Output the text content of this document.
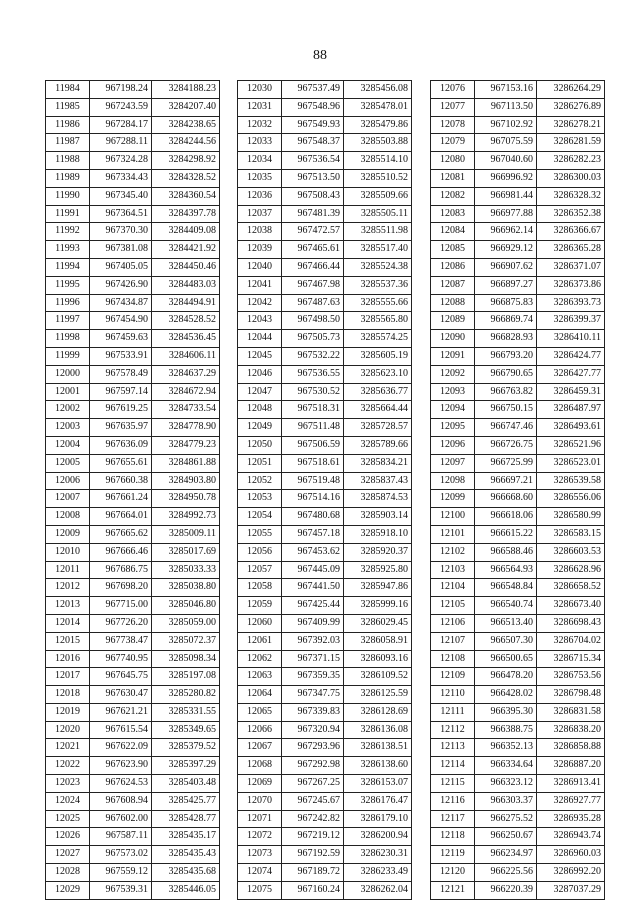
88
11984	967198.24	3284188.23
11985	967243.59	3284207.40
11986	967284.17	3284238.65
11987	967288.11	3284244.56
11988	967324.28	3284298.92
11989	967334.43	3284328.52
11990	967345.40	3284360.54
11991	967364.51	3284397.78
11992	967370.30	3284409.08
11993	967381.08	3284421.92
11994	967405.05	3284450.46
11995	967426.90	3284483.03
11996	967434.87	3284494.91
11997	967454.90	3284528.52
11998	967459.63	3284536.45
11999	967533.91	3284606.11
12000	967578.49	3284637.29
12001	967597.14	3284672.94
12002	967619.25	3284733.54
12003	967635.97	3284778.90
12004	967636.09	3284779.23
12005	967655.61	3284861.88
12006	967660.38	3284903.80
12007	967661.24	3284950.78
12008	967664.01	3284992.73
12009	967665.62	3285009.11
12010	967666.46	3285017.69
12011	967686.75	3285033.33
12012	967698.20	3285038.80
12013	967715.00	3285046.80
12014	967726.20	3285059.00
12015	967738.47	3285072.37
12016	967740.95	3285098.34
12017	967645.75	3285197.08
12018	967630.47	3285280.82
12019	967621.21	3285331.55
12020	967615.54	3285349.65
12021	967622.09	3285379.52
12022	967623.90	3285397.29
12023	967624.53	3285403.48
12024	967608.94	3285425.77
12025	967602.00	3285428.77
12026	967587.11	3285435.17
12027	967573.02	3285435.43
12028	967559.12	3285435.68
12029	967539.31	3285446.05
12030	967537.49	3285456.08
12031	967548.96	3285478.01
12032	967549.93	3285479.86
12033	967548.37	3285503.88
12034	967536.54	3285514.10
12035	967513.50	3285510.52
12036	967508.43	3285509.66
12037	967481.39	3285505.11
12038	967472.57	3285511.98
12039	967465.61	3285517.40
12040	967466.44	3285524.38
12041	967467.98	3285537.36
12042	967487.63	3285555.66
12043	967498.50	3285565.80
12044	967505.73	3285574.25
12045	967532.22	3285605.19
12046	967536.55	3285623.10
12047	967530.52	3285636.77
12048	967518.31	3285664.44
12049	967511.48	3285728.57
12050	967506.59	3285789.66
12051	967518.61	3285834.21
12052	967519.48	3285837.43
12053	967514.16	3285874.53
12054	967480.68	3285903.14
12055	967457.18	3285918.10
12056	967453.62	3285920.37
12057	967445.09	3285925.80
12058	967441.50	3285947.86
12059	967425.44	3285999.16
12060	967409.99	3286029.45
12061	967392.03	3286058.91
12062	967371.15	3286093.16
12063	967359.35	3286109.52
12064	967347.75	3286125.59
12065	967339.83	3286128.69
12066	967320.94	3286136.08
12067	967293.96	3286138.51
12068	967292.98	3286138.60
12069	967267.25	3286153.07
12070	967245.67	3286176.47
12071	967242.82	3286179.10
12072	967219.12	3286200.94
12073	967192.59	3286230.31
12074	967189.72	3286233.49
12075	967160.24	3286262.04
12076	967153.16	3286264.29
12077	967113.50	3286276.89
12078	967102.92	3286278.21
12079	967075.59	3286281.59
12080	967040.60	3286282.23
12081	966996.92	3286300.03
12082	966981.44	3286328.32
12083	966977.88	3286352.38
12084	966962.14	3286366.67
12085	966929.12	3286365.28
12086	966907.62	3286371.07
12087	966897.27	3286373.86
12088	966875.83	3286393.73
12089	966869.74	3286399.37
12090	966828.93	3286410.11
12091	966793.20	3286424.77
12092	966790.65	3286427.77
12093	966763.82	3286459.31
12094	966750.15	3286487.97
12095	966747.46	3286493.61
12096	966726.75	3286521.96
12097	966725.99	3286523.01
12098	966697.21	3286539.58
12099	966668.60	3286556.06
12100	966618.06	3286580.99
12101	966615.22	3286583.15
12102	966588.46	3286603.53
12103	966564.93	3286628.96
12104	966548.84	3286658.52
12105	966540.74	3286673.40
12106	966513.40	3286698.43
12107	966507.30	3286704.02
12108	966500.65	3286715.34
12109	966478.20	3286753.56
12110	966428.02	3286798.48
12111	966395.30	3286831.58
12112	966388.75	3286838.20
12113	966352.13	3286858.88
12114	966334.64	3286887.20
12115	966323.12	3286913.41
12116	966303.37	3286927.77
12117	966275.52	3286935.28
12118	966250.67	3286943.74
12119	966234.97	3286960.03
12120	966225.56	3286992.20
12121	966220.39	3287037.29
